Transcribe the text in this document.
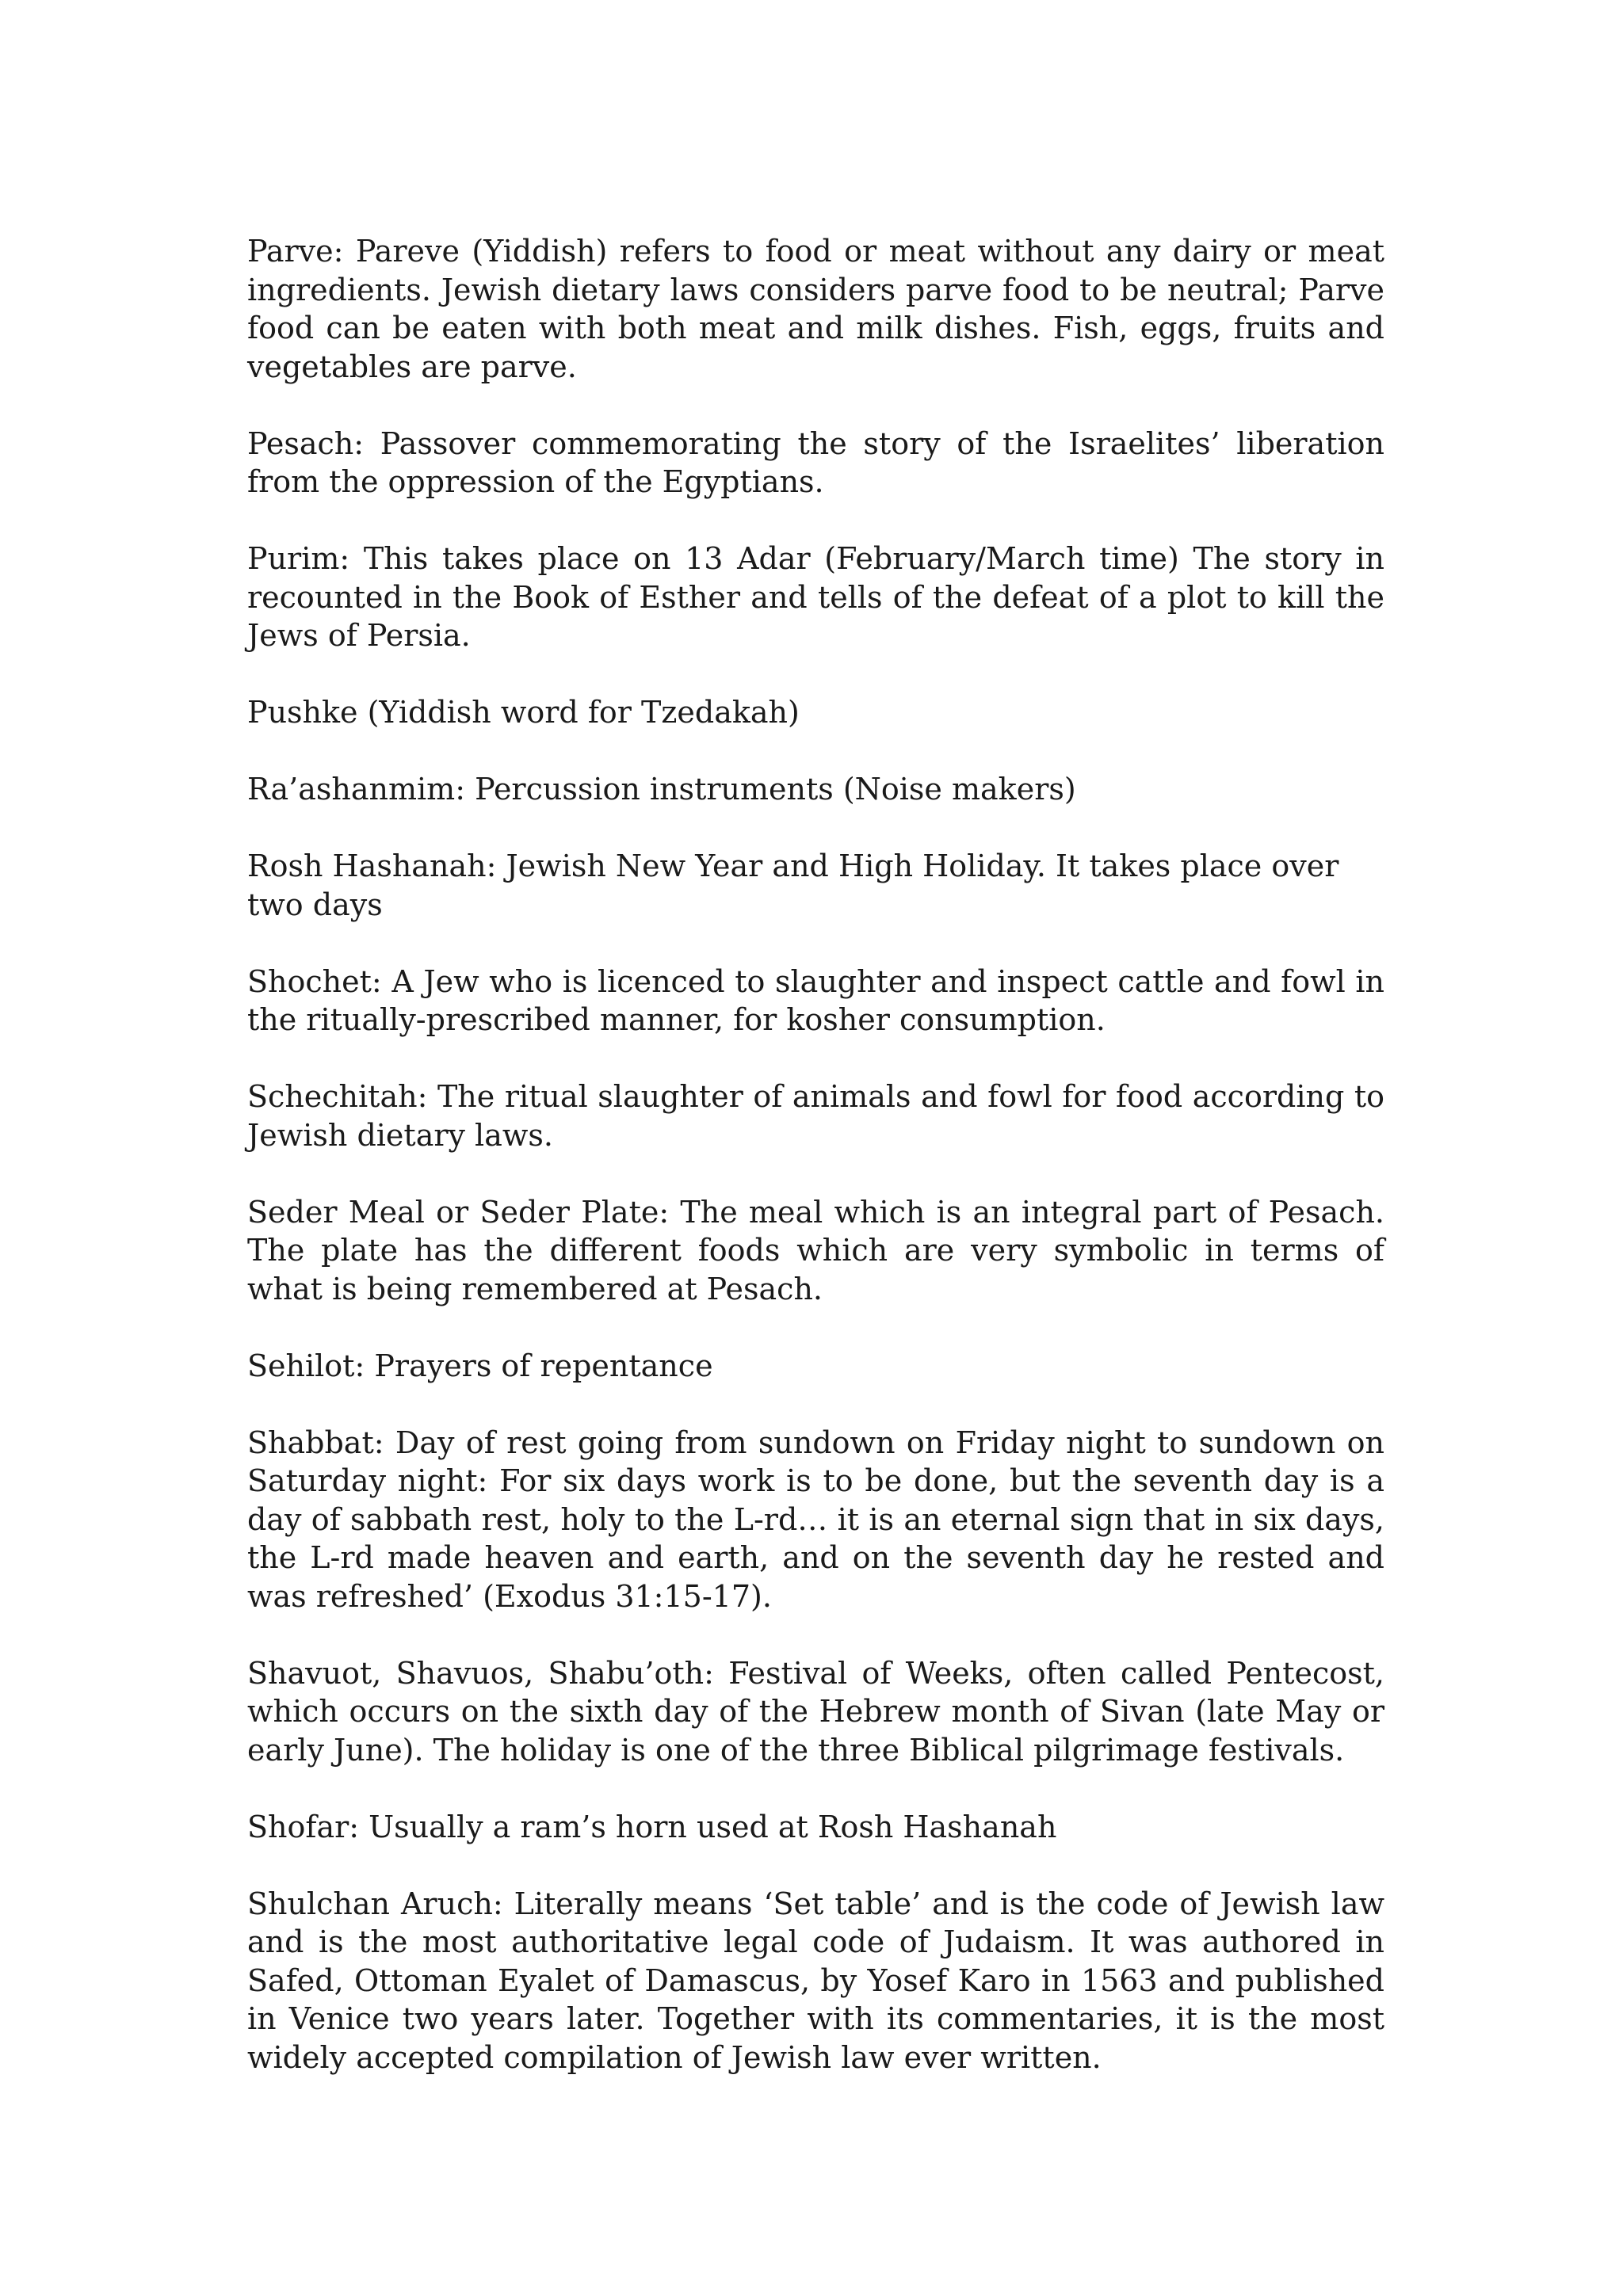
Parve: Pareve (Yiddish) refers to food or meat without any dairy or meat ingredients. Jewish dietary laws considers parve food to be neutral; Parve food can be eaten with both meat and milk dishes. Fish, eggs, fruits and vegetables are parve.

Pesach: Passover commemorating the story of the Israelites’ liberation from the oppression of the Egyptians.

Purim: This takes place on 13 Adar (February/March time) The story in recounted in the Book of Esther and tells of the defeat of a plot to kill the Jews of Persia.

Pushke (Yiddish word for Tzedakah)

Ra’ashanmim: Percussion instruments (Noise makers)

Rosh Hashanah: Jewish New Year and High Holiday. It takes place over two days

Shochet: A Jew who is licenced to slaughter and inspect cattle and fowl in the ritually-prescribed manner, for kosher consumption.

Schechitah: The ritual slaughter of animals and fowl for food according to Jewish dietary laws.

Seder Meal or Seder Plate: The meal which is an integral part of Pesach. The plate has the different foods which are very symbolic in terms of what is being remembered at Pesach.

Sehilot: Prayers of repentance

Shabbat: Day of rest going from sundown on Friday night to sundown on Saturday night: For six days work is to be done, but the seventh day is a day of sabbath rest, holy to the L-rd… it is an eternal sign that in six days, the L-rd made heaven and earth, and on the seventh day he rested and was refreshed’ (Exodus 31:15-17).

Shavuot, Shavuos, Shabu’oth: Festival of Weeks, often called Pentecost, which occurs on the sixth day of the Hebrew month of Sivan (late May or early June). The holiday is one of the three Biblical pilgrimage festivals.

Shofar: Usually a ram’s horn used at Rosh Hashanah

Shulchan Aruch: Literally means ‘Set table’ and is the code of Jewish law and is the most authoritative legal code of Judaism. It was authored in Safed, Ottoman Eyalet of Damascus, by Yosef Karo in 1563 and published in Venice two years later. Together with its commentaries, it is the most widely accepted compilation of Jewish law ever written.
